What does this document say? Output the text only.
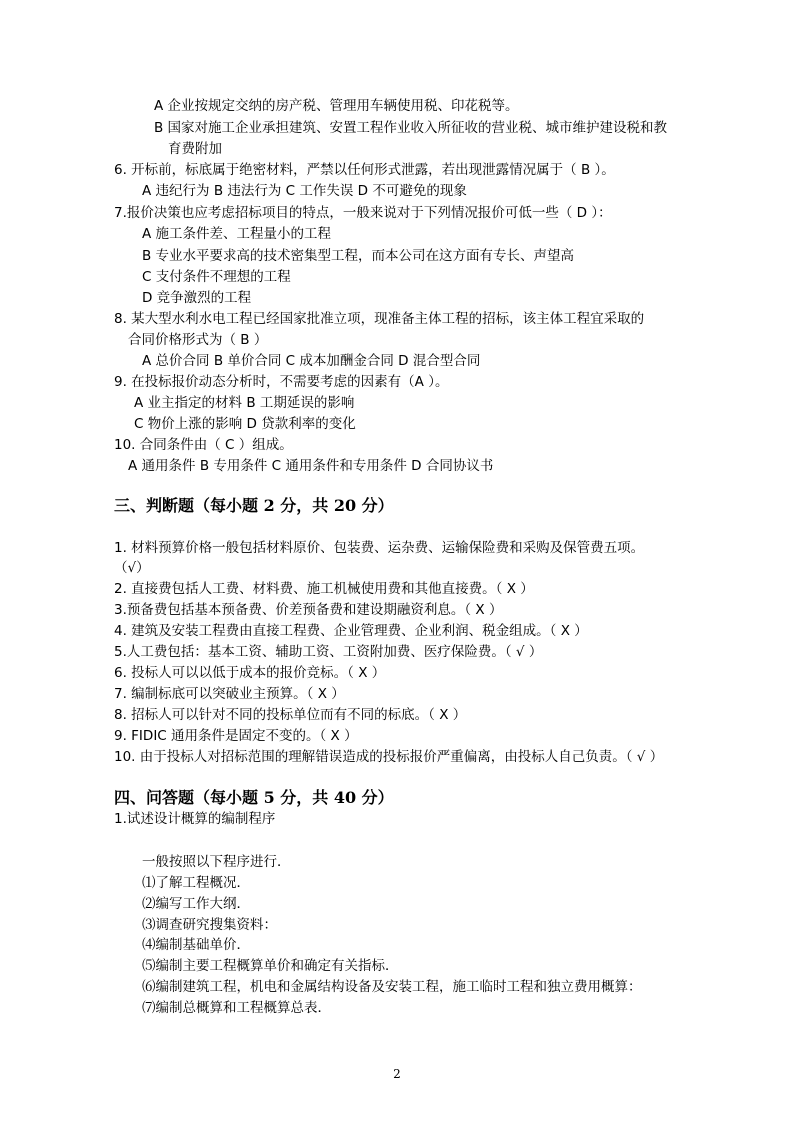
A 企业按规定交纳的房产税、管理用车辆使用税、印花税等。
B 国家对施工企业承担建筑、安置工程作业收入所征收的营业税、城市维护建设税和教
育费附加
6. 开标前，标底属于绝密材料，严禁以任何形式泄露，若出现泄露情况属于（ B ）。
A 违纪行为 B 违法行为 C 工作失误 D 不可避免的现象
7.报价决策也应考虑招标项目的特点，一般来说对于下列情况报价可低一些（ D ）：
A 施工条件差、工程量小的工程
B 专业水平要求高的技术密集型工程，而本公司在这方面有专长、声望高
C 支付条件不理想的工程
D 竞争激烈的工程
8. 某大型水利水电工程已经国家批准立项，现准备主体工程的招标，该主体工程宜采取的
合同价格形式为（ B ）
A 总价合同 B 单价合同 C 成本加酬金合同 D 混合型合同
9. 在投标报价动态分析时，不需要考虑的因素有（A ）。
A 业主指定的材料 B 工期延误的影响
C 物价上涨的影响 D 贷款利率的变化
10. 合同条件由（ C ）组成。
A 通用条件 B 专用条件 C 通用条件和专用条件 D 合同协议书
三、判断题（每小题 2 分，共 20 分）
1. 材料预算价格一般包括材料原价、包装费、运杂费、运输保险费和采购及保管费五项。
（√）
2. 直接费包括人工费、材料费、施工机械使用费和其他直接费。（ X ）
3.预备费包括基本预备费、价差预备费和建设期融资利息。（ X ）
4. 建筑及安装工程费由直接工程费、企业管理费、企业利润、税金组成。（ X ）
5.人工费包括：基本工资、辅助工资、工资附加费、医疗保险费。（ √ ）
6. 投标人可以以低于成本的报价竞标。（ X ）
7. 编制标底可以突破业主预算。（ X ）
8. 招标人可以针对不同的投标单位而有不同的标底。（ X ）
9. FIDIC 通用条件是固定不变的。（ X ）
10. 由于投标人对招标范围的理解错误造成的投标报价严重偏离，由投标人自己负责。（ √ ）
四、问答题（每小题 5 分，共 40 分）
1.试述设计概算的编制程序
一般按照以下程序进行．
⑴了解工程概况．
⑵编写工作大纲．
⑶调查研究搜集资料：
⑷编制基础单价．
⑸编制主要工程概算单价和确定有关指标．
⑹编制建筑工程，机电和金属结构设备及安装工程，施工临时工程和独立费用概算：
⑺编制总概算和工程概算总表．
2
